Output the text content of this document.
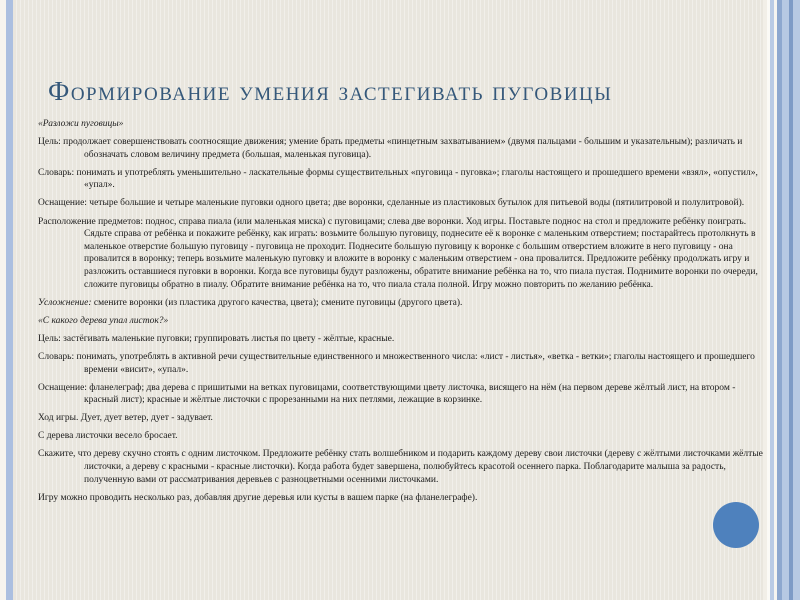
Формирование умения застегивать пуговицы

«Разложи пуговицы»

Цель: продолжает совершенствовать соотносящие движения; умение брать предметы «пинцетным захватыванием» (двумя пальцами - большим и указательным); различать и обозначать словом величину предмета (большая, маленькая пуговица).

Словарь: понимать и употреблять уменьшительно - ласкательные формы существительных «пуговица - пуговка»; глаголы настоящего и прошедшего времени «взял», «опустил», «упал».

Оснащение: четыре большие и четыре маленькие пуговки одного цвета; две воронки, сделанные из пластиковых бутылок для питьевой воды (пятилитровой и полулитровой).

Расположение предметов: поднос, справа пиала (или маленькая миска) с пуговицами; слева две воронки. Ход игры. Поставьте поднос на стол и предложите ребёнку поиграть. Сядьте справа от ребёнка и покажите ребёнку, как играть: возьмите большую пуговицу, поднесите её к воронке с маленьким отверстием; постарайтесь протолкнуть в маленькое отверстие большую пуговицу - пуговица не проходит. Поднесите большую пуговицу к воронке с большим отверстием вложите в него пуговицу - она провалится в воронку; теперь возьмите маленькую пуговку и вложите в воронку с маленьким отверстием - она провалится. Предложите ребёнку продолжать игру и разложить оставшиеся пуговки в воронки. Когда все пуговицы будут разложены, обратите внимание ребёнка на то, что пиала пустая. Поднимите воронки по очереди, сложите пуговицы обратно в пиалу. Обратите внимание ребёнка на то, что пиала стала полной. Игру можно повторить по желанию ребёнка.

Усложнение: смените воронки (из пластика другого качества, цвета); смените пуговицы (другого цвета).

«С какого дерева упал листок?»

Цель: застёгивать маленькие пуговки; группировать листья по цвету - жёлтые, красные.

Словарь: понимать, употреблять в активной речи существительные единственного и множественного числа: «лист - листья», «ветка - ветки»; глаголы настоящего и прошедшего времени «висит», «упал».

Оснащение: фланелеграф; два дерева с пришитыми на ветках пуговицами, соответствующими цвету листочка, висящего на нём (на первом дереве жёлтый лист, на втором - красный лист); красные и жёлтые листочки с прорезанными на них петлями, лежащие в корзинке.

Ход игры. Дует, дует ветер, дует - задувает.

С дерева листочки весело бросает.

Скажите, что дереву скучно стоять с одним листочком. Предложите ребёнку стать волшебником и подарить каждому дереву свои листочки (дереву с жёлтыми листочками жёлтые листочки, а дереву с красными - красные листочки). Когда работа будет завершена, полюбуйтесь красотой осеннего парка. Поблагодарите малыша за радость, полученную вами от рассматривания деревьев с разноцветными осенними листочками.

Игру можно проводить несколько раз, добавляя другие деревья или кусты в вашем парке (на фланелеграфе).
